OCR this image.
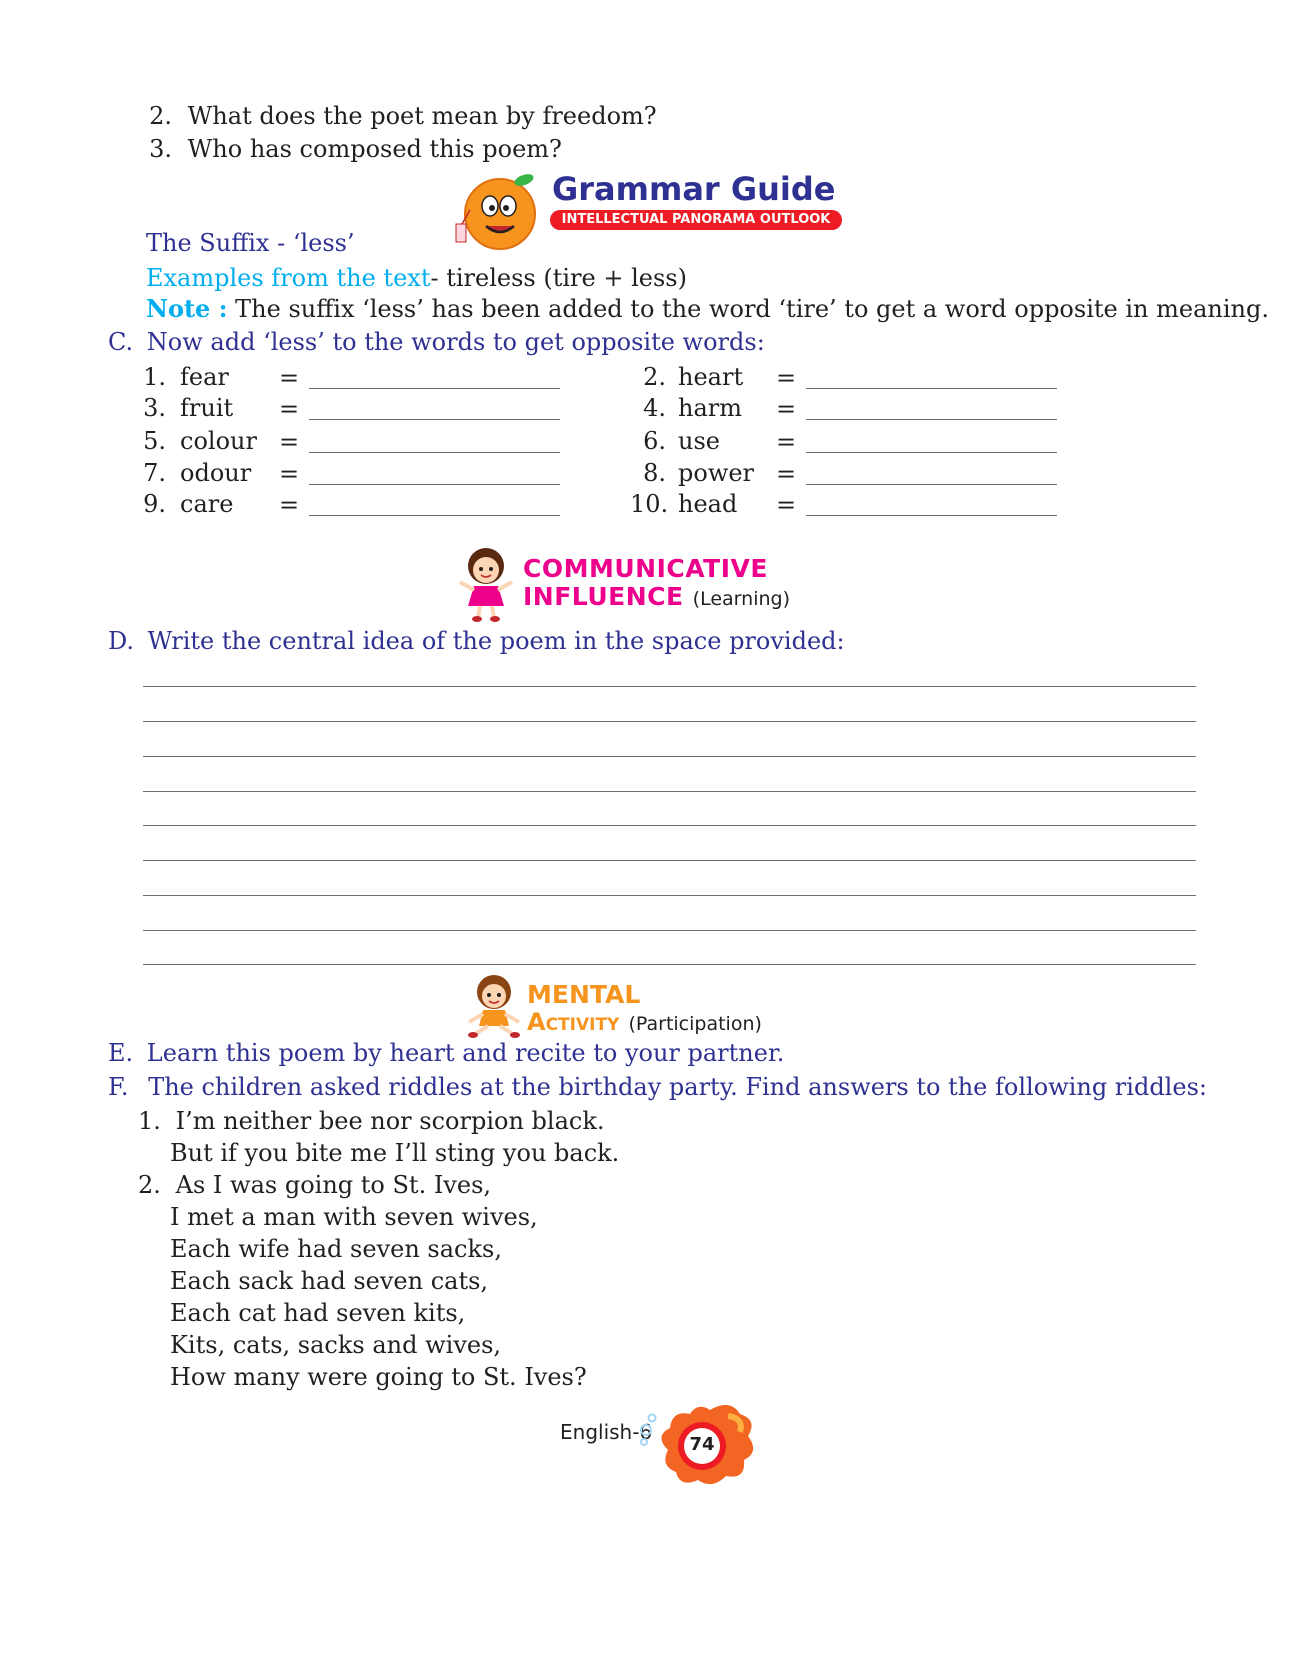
2. What does the poet mean by freedom?
3. Who has composed this poem?
Grammar Guide
INTELLECTUAL PANORAMA OUTLOOK
The Suffix - ‘less’
Examples from the text- tireless (tire + less)
Note : The suffix ‘less’ has been added to the word ‘tire’ to get a word opposite in meaning.
C. Now add ‘less’ to the words to get opposite words:
1. fear
3. fruit
5. colour
7. odour
9. care
2. heart
4. harm
6. use
8. power
10. head
=
=
=
=
=
=
=
=
=
=
COMMUNICATIVE
INFLUENCE (Learning)
D. Write the central idea of the poem in the space provided:
MENTAL
Activity (Participation)
E. Learn this poem by heart and recite to your partner.
F. The children asked riddles at the birthday party. Find answers to the following riddles:
1. I’m neither bee nor scorpion black.
But if you bite me I’ll sting you back.
2. As I was going to St. Ives,
I met a man with seven wives,
Each wife had seven sacks,
Each sack had seven cats,
Each cat had seven kits,
Kits, cats, sacks and wives,
How many were going to St. Ives?
English-6
74
